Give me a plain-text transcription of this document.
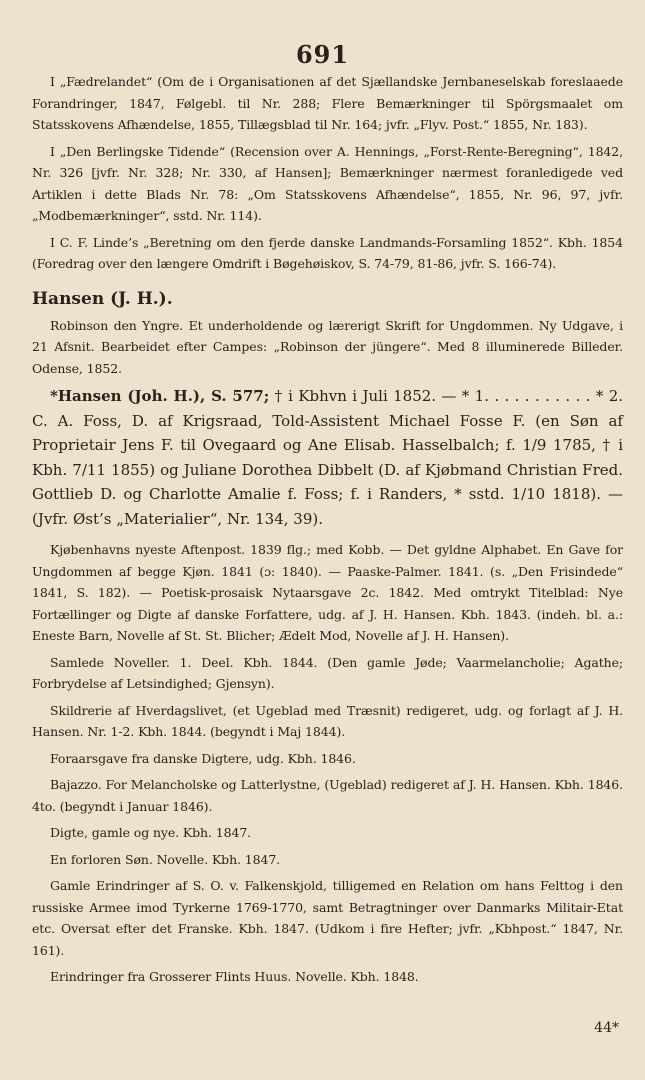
691

I „Fædrelandet“ (Om de i Organisationen af det Sjællandske Jernbaneselskab foreslaaede Forandringer, 1847, Følgebl. til Nr. 288; Flere Bemærkninger til Spörgsmaalet om Statsskovens Afhændelse, 1855, Tillægsblad til Nr. 164; jvfr. „Flyv. Post.“ 1855, Nr. 183).

I „Den Berlingske Tidende“ (Recension over A. Hennings, „Forst-Rente-Beregning“, 1842, Nr. 326 [jvfr. Nr. 328; Nr. 330, af Hansen]; Bemærkninger nærmest foranledigede ved Artiklen i dette Blads Nr. 78: „Om Statsskovens Afhændelse“, 1855, Nr. 96, 97, jvfr. „Modbemærkninger“, sstd. Nr. 114).

I C. F. Linde’s „Beretning om den fjerde danske Landmands-Forsamling 1852“. Kbh. 1854 (Foredrag over den længere Omdrift i Bøgehøiskov, S. 74-79, 81-86, jvfr. S. 166-74).

Hansen (J. H.).

Robinson den Yngre. Et underholdende og lærerigt Skrift for Ungdommen. Ny Udgave, i 21 Afsnit. Bearbeidet efter Campes: „Robinson der jüngere“. Med 8 illuminerede Billeder. Odense, 1852.

*Hansen (Joh. H.), S. 577; † i Kbhvn i Juli 1852. — * 1. . . . . . . . . . . * 2. C. A. Foss, D. af Krigsraad, Told-Assistent Michael Fosse F. (en Søn af Proprietair Jens F. til Ovegaard og Ane Elisab. Hasselbalch; f. 1/9 1785, † i Kbh. 7/11 1855) og Juliane Dorothea Dibbelt (D. af Kjøbmand Christian Fred. Gottlieb D. og Charlotte Amalie f. Foss; f. i Randers, * sstd. 1/10 1818). — (Jvfr. Øst’s „Materialier“, Nr. 134, 39).

Kjøbenhavns nyeste Aftenpost. 1839 flg.; med Kobb. — Det gyldne Alphabet. En Gave for Ungdommen af begge Kjøn. 1841 (ɔ: 1840). — Paaske-Palmer. 1841. (s. „Den Frisindede“ 1841, S. 182). — Poetisk-prosaisk Nytaarsgave 2c. 1842. Med omtrykt Titelblad: Nye Fortællinger og Digte af danske Forfattere, udg. af J. H. Hansen. Kbh. 1843. (indeh. bl. a.: Eneste Barn, Novelle af St. St. Blicher; Ædelt Mod, Novelle af J. H. Hansen).

Samlede Noveller. 1. Deel. Kbh. 1844. (Den gamle Jøde; Vaarmelancholie; Agathe; Forbrydelse af Letsindighed; Gjensyn).

Skildrerie af Hverdagslivet, (et Ugeblad med Træsnit) redigeret, udg. og forlagt af J. H. Hansen. Nr. 1-2. Kbh. 1844. (begyndt i Maj 1844).

Foraarsgave fra danske Digtere, udg. Kbh. 1846.

Bajazzo. For Melancholske og Latterlystne, (Ugeblad) redigeret af J. H. Hansen. Kbh. 1846. 4to. (begyndt i Januar 1846).

Digte, gamle og nye. Kbh. 1847.

En forloren Søn. Novelle. Kbh. 1847.

Gamle Erindringer af S. O. v. Falkenskjold, tilligemed en Relation om hans Felttog i den russiske Armee imod Tyrkerne 1769-1770, samt Betragtninger over Danmarks Militair-Etat etc. Oversat efter det Franske. Kbh. 1847. (Udkom i fire Hefter; jvfr. „Kbhpost.“ 1847, Nr. 161).

Erindringer fra Grosserer Flints Huus. Novelle. Kbh. 1848.

44*
